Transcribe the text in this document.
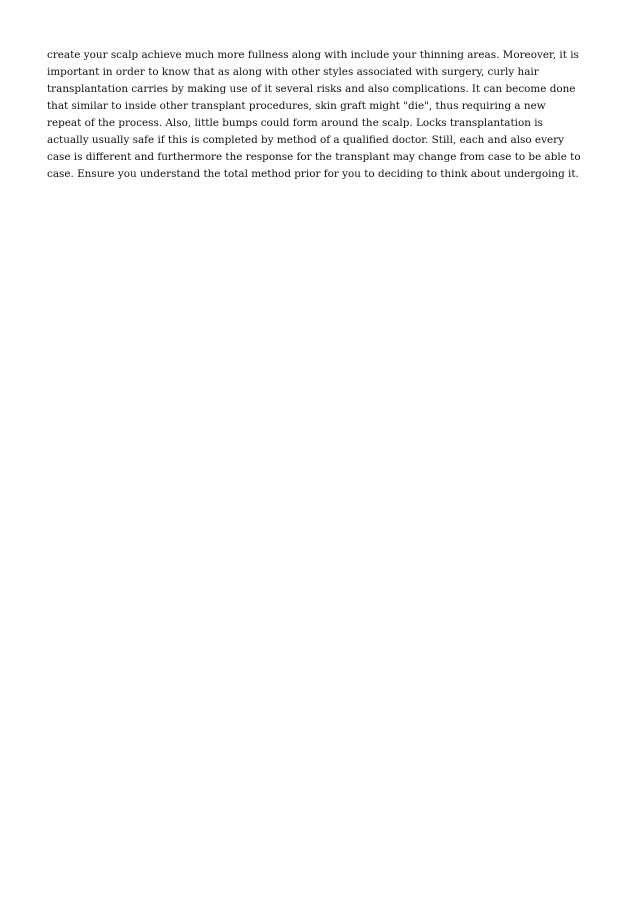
create your scalp achieve much more fullness along with include your thinning areas. Moreover, it is
important in order to know that as along with other styles associated with surgery, curly hair
transplantation carries by making use of it several risks and also complications. It can become done
that similar to inside other transplant procedures, skin graft might "die", thus requiring a new
repeat of the process. Also, little bumps could form around the scalp. Locks transplantation is
actually usually safe if this is completed by method of a qualified doctor. Still, each and also every
case is different and furthermore the response for the transplant may change from case to be able to
case. Ensure you understand the total method prior for you to deciding to think about undergoing it.
